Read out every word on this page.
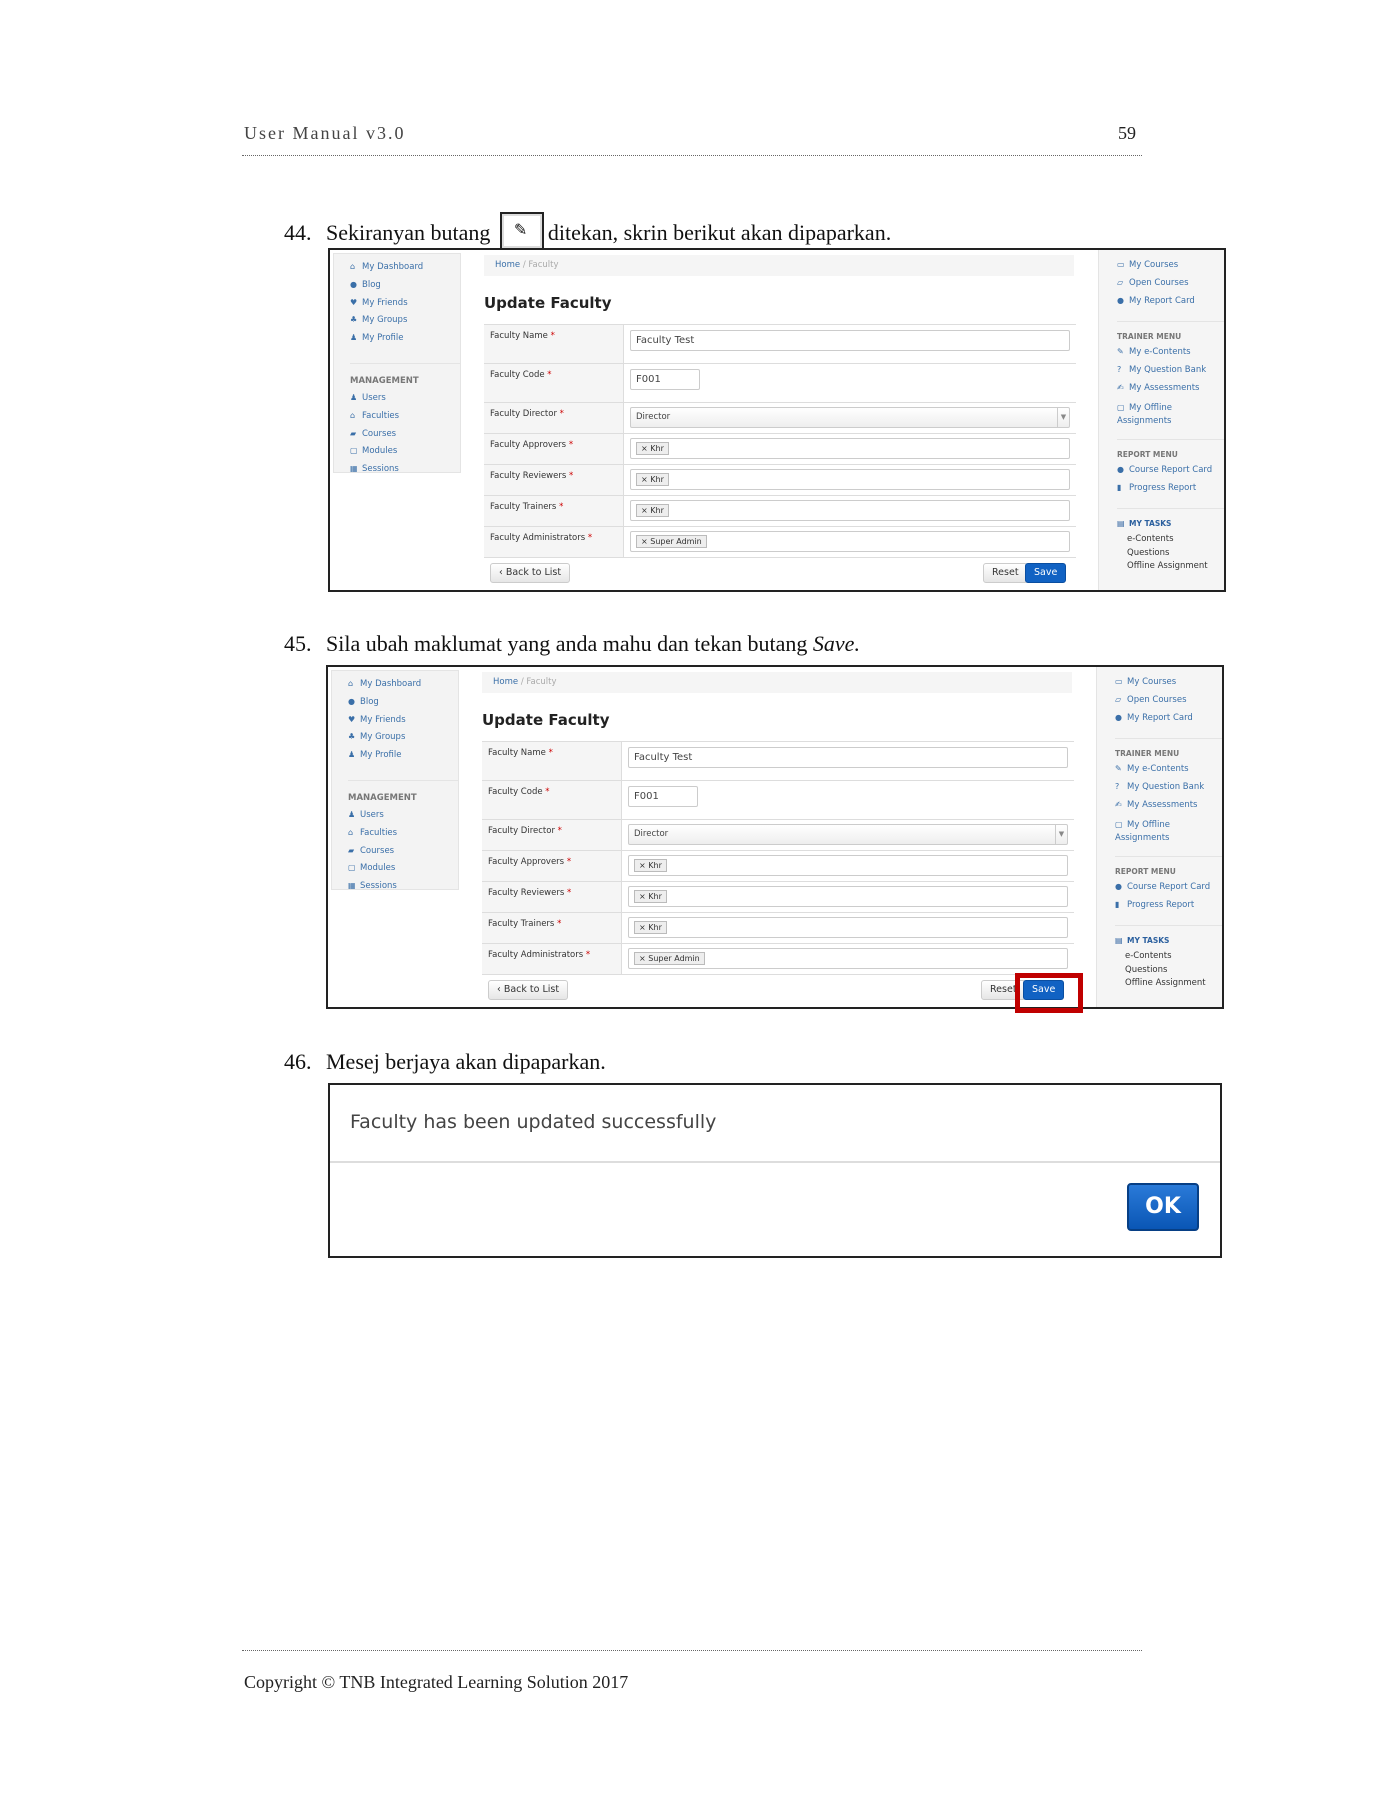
User Manual v3.0	59
44. Sekiranyan butang ✎ ditekan, skrin berikut akan dipaparkan.
⌂ My Dashboard
● Blog
♥ My Friends
♣ My Groups
♟ My Profile
MANAGEMENT
♟ Users
⌂ Faculties
▰ Courses
▢ Modules
▦ Sessions
Home / Faculty
Update Faculty
Faculty Name *	Faculty Test
Faculty Code *	F001
Faculty Director *	Director	▼
Faculty Approvers *	× Khr
Faculty Reviewers *	× Khr
Faculty Trainers *	× Khr
Faculty Administrators *	× Super Admin
‹ Back to List	Reset	Save
▭ My Courses
▱ Open Courses
● My Report Card
TRAINER MENU
✎ My e-Contents
? My Question Bank
✍ My Assessments
▢ My Offline Assignments
REPORT MENU
● Course Report Card
▮ Progress Report
▤ MY TASKS
e-Contents
Questions
Offline Assignment
45. Sila ubah maklumat yang anda mahu dan tekan butang Save.
⌂ My Dashboard
● Blog
♥ My Friends
♣ My Groups
♟ My Profile
MANAGEMENT
♟ Users
⌂ Faculties
▰ Courses
▢ Modules
▦ Sessions
Home / Faculty
Update Faculty
Faculty Name *	Faculty Test
Faculty Code *	F001
Faculty Director *	Director	▼
Faculty Approvers *	× Khr
Faculty Reviewers *	× Khr
Faculty Trainers *	× Khr
Faculty Administrators *	× Super Admin
‹ Back to List	Reset	Save
▭ My Courses
▱ Open Courses
● My Report Card
TRAINER MENU
✎ My e-Contents
? My Question Bank
✍ My Assessments
▢ My Offline Assignments
REPORT MENU
● Course Report Card
▮ Progress Report
▤ MY TASKS
e-Contents
Questions
Offline Assignment
46. Mesej berjaya akan dipaparkan.
Faculty has been updated successfully
OK
Copyright © TNB Integrated Learning Solution 2017
